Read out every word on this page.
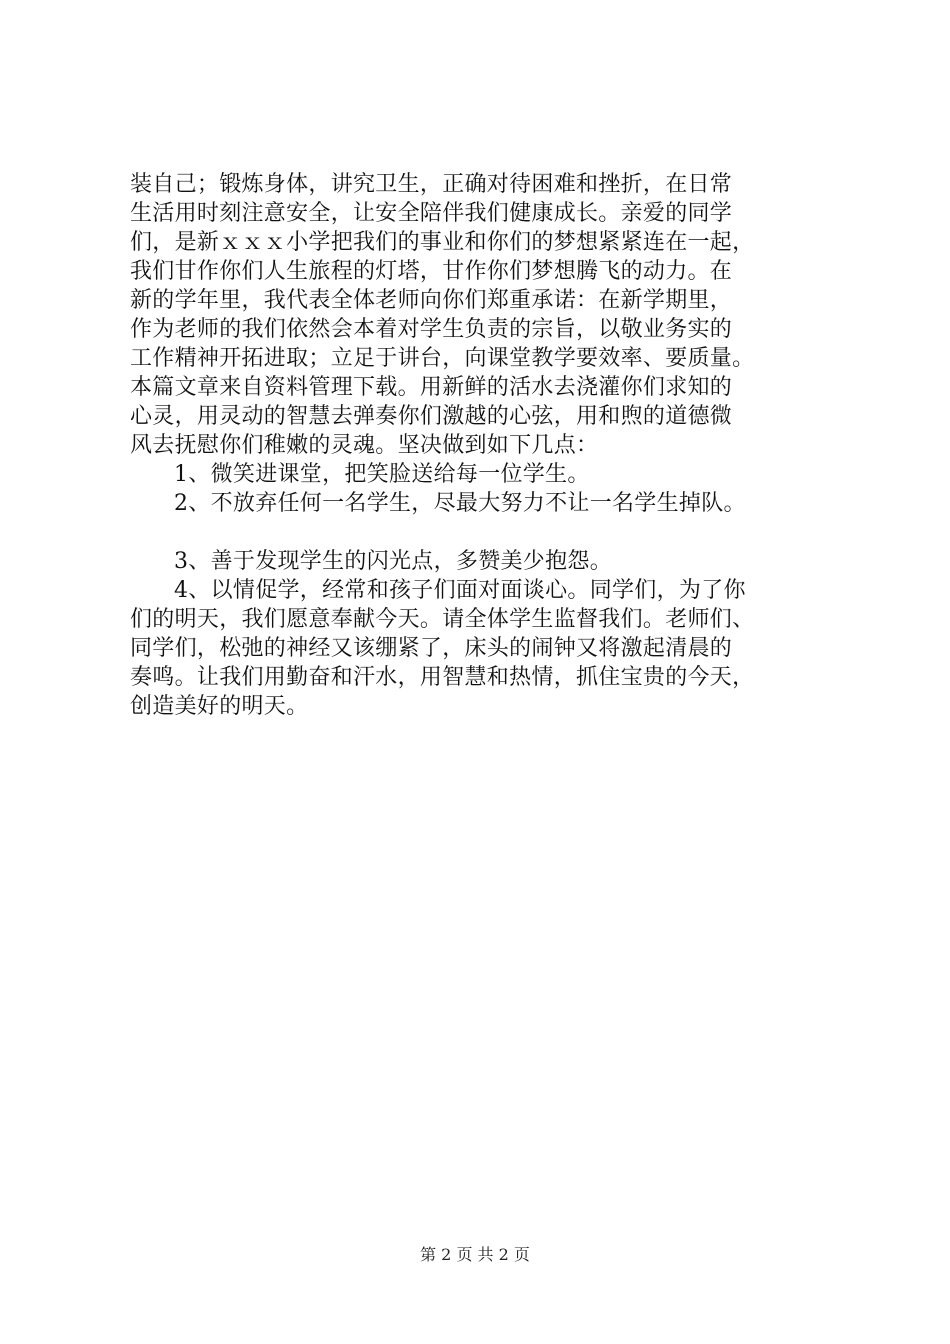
装自己；锻炼身体，讲究卫生，正确对待困难和挫折，在日常
生活用时刻注意安全，让安全陪伴我们健康成长。亲爱的同学
们，是新ｘｘｘ小学把我们的事业和你们的梦想紧紧连在一起，
我们甘作你们人生旅程的灯塔，甘作你们梦想腾飞的动力。在
新的学年里，我代表全体老师向你们郑重承诺：在新学期里，
作为老师的我们依然会本着对学生负责的宗旨，以敬业务实的
工作精神开拓进取；立足于讲台，向课堂教学要效率、要质量。
本篇文章来自资料管理下载。用新鲜的活水去浇灌你们求知的
心灵，用灵动的智慧去弹奏你们激越的心弦，用和煦的道德微
风去抚慰你们稚嫩的灵魂。坚决做到如下几点：
1、微笑进课堂，把笑脸送给每一位学生。
2、不放弃任何一名学生，尽最大努力不让一名学生掉队。
3、善于发现学生的闪光点，多赞美少抱怨。
4、以情促学，经常和孩子们面对面谈心。同学们，为了你
们的明天，我们愿意奉献今天。请全体学生监督我们。老师们、
同学们，松弛的神经又该绷紧了，床头的闹钟又将激起清晨的
奏鸣。让我们用勤奋和汗水，用智慧和热情，抓住宝贵的今天，
创造美好的明天。
第 2 页 共 2 页
